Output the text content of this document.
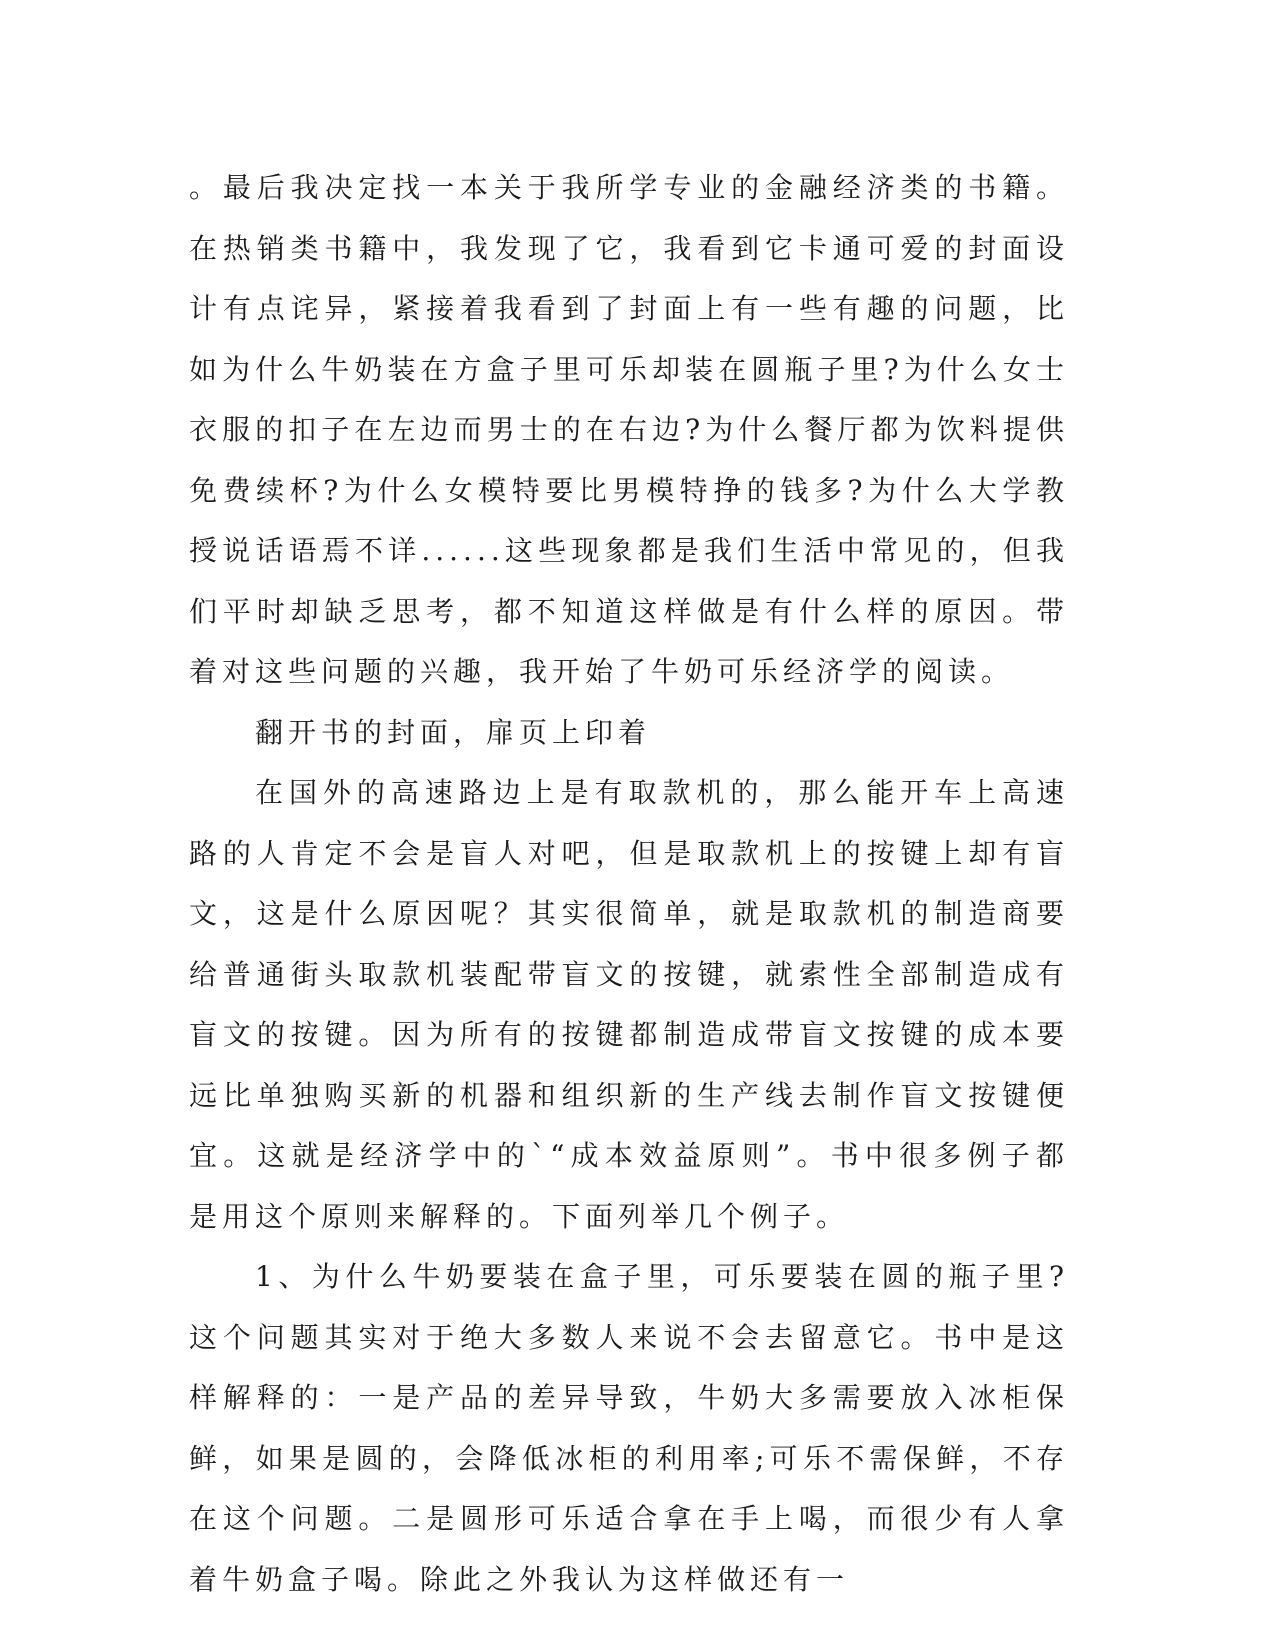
。最后我决定找一本关于我所学专业的金融经济类的书籍。在热销类书籍中，我发现了它，我看到它卡通可爱的封面设计有点诧异，紧接着我看到了封面上有一些有趣的问题，比如为什么牛奶装在方盒子里可乐却装在圆瓶子里?为什么女士衣服的扣子在左边而男士的在右边?为什么餐厅都为饮料提供免费续杯?为什么女模特要比男模特挣的钱多?为什么大学教授说话语焉不详......这些现象都是我们生活中常见的，但我们平时却缺乏思考，都不知道这样做是有什么样的原因。带着对这些问题的兴趣，我开始了牛奶可乐经济学的阅读。

翻开书的封面，扉页上印着

在国外的高速路边上是有取款机的，那么能开车上高速路的人肯定不会是盲人对吧，但是取款机上的按键上却有盲文，这是什么原因呢？其实很简单，就是取款机的制造商要给普通街头取款机装配带盲文的按键，就索性全部制造成有盲文的按键。因为所有的按键都制造成带盲文按键的成本要远比单独购买新的机器和组织新的生产线去制作盲文按键便宜。这就是经济学中的`“成本效益原则”。书中很多例子都是用这个原则来解释的。下面列举几个例子。

1、为什么牛奶要装在盒子里，可乐要装在圆的瓶子里?这个问题其实对于绝大多数人来说不会去留意它。书中是这样解释的：一是产品的差异导致，牛奶大多需要放入冰柜保鲜，如果是圆的，会降低冰柜的利用率;可乐不需保鲜，不存在这个问题。二是圆形可乐适合拿在手上喝，而很少有人拿着牛奶盒子喝。除此之外我认为这样做还有一
